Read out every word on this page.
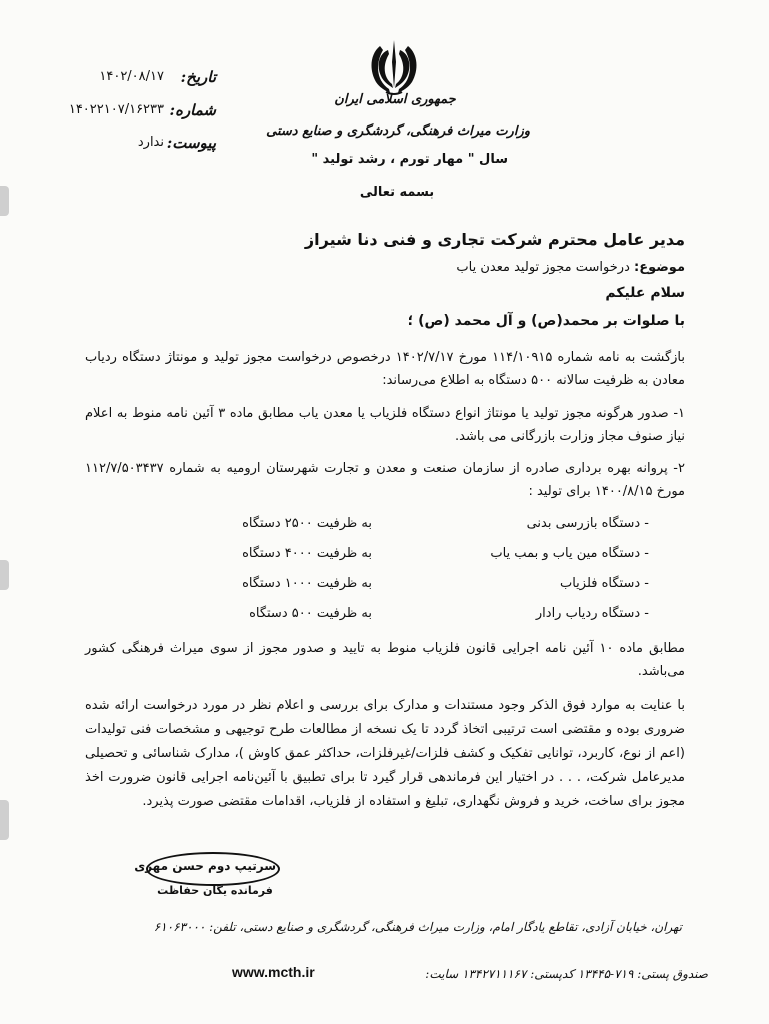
تاریخ:
۱۴۰۲/۰۸/۱۷
شماره:
۱۴۰۲۲۱۰۷/۱۶۲۳۳
پیوست:
ندارد
جمهوری اسلامی ایران
وزارت میراث فرهنگی، گردشگری و صنایع دستی
سال " مهار تورم ، رشد تولید "
بسمه تعالی
مدیر عامل محترم شرکت تجاری و فنی دنا شیراز
موضوع: درخواست مجوز تولید معدن یاب
سلام علیکم
با صلوات بر محمد(ص) و آل محمد (ص) ؛
بازگشت به نامه شماره ۱۱۴/۱۰۹۱۵ مورخ ۱۴۰۲/۷/۱۷ درخصوص درخواست مجوز تولید و مونتاژ دستگاه ردیاب معادن به ظرفیت سالانه ۵۰۰ دستگاه به اطلاع می‌رساند:
۱- صدور هرگونه مجوز تولید یا مونتاژ انواع دستگاه فلزیاب یا معدن یاب مطابق ماده ۳ آئین نامه منوط به اعلام نیاز صنوف مجاز وزارت بازرگانی می باشد.
۲- پروانه بهره برداری صادره از سازمان صنعت و معدن و تجارت شهرستان ارومیه به شماره ۱۱۲/۷/۵۰۳۴۳۷ مورخ ۱۴۰۰/۸/۱۵ برای تولید :
- دستگاه بازرسی بدنی
به ظرفیت ۲۵۰۰ دستگاه
- دستگاه مین یاب و بمب یاب
به ظرفیت ۴۰۰۰ دستگاه
- دستگاه فلزیاب
به ظرفیت ۱۰۰۰ دستگاه
- دستگاه ردیاب رادار
به ظرفیت ۵۰۰ دستگاه
مطابق ماده ۱۰ آئین نامه اجرایی قانون فلزیاب منوط به تایید و صدور مجوز از سوی میراث فرهنگی کشور می‌باشد.
با عنایت به موارد فوق الذکر وجود مستندات و مدارک برای بررسی و اعلام نظر در مورد درخواست ارائه شده ضروری بوده و مقتضی است ترتیبی اتخاذ گردد تا یک نسخه از مطالعات طرح توجیهی و مشخصات فنی تولیدات (اعم از نوع، کاربرد، توانایی تفکیک و کشف فلزات/غیرفلزات، حداکثر عمق کاوش )، مدارک شناسائی و تحصیلی مدیرعامل شرکت، . . . در اختیار این فرماندهی قرار گیرد تا برای تطبیق با آئین‌نامه اجرایی قانون ضرورت اخذ مجوز برای ساخت، خرید و فروش نگهداری، تبلیغ و استفاده از فلزیاب، اقدامات مقتضی صورت پذیرد.
سرتیپ دوم حسن مهری
فرمانده یگان حفاظت
تهران، خیابان آزادی، تقاطع یادگار امام، وزارت میراث فرهنگی، گردشگری و صنایع دستی، تلفن: ۶۱۰۶۳۰۰۰
صندوق پستی: ۷۱۹-۱۳۴۴۵ کدپستی: ۱۳۴۲۷۱۱۱۶۷ سایت:
www.mcth.ir
